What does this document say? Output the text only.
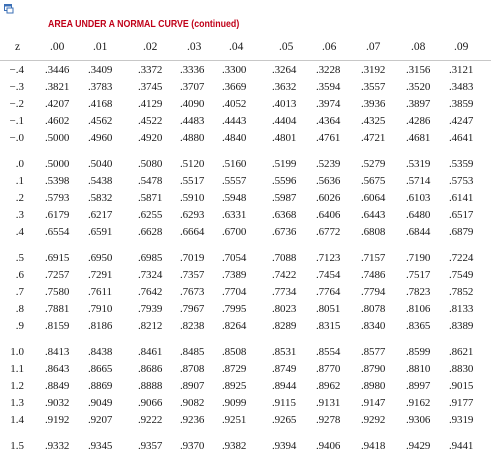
AREA UNDER A NORMAL CURVE (continued)
z	.00 .01	.02	.03 .04	.05 .06	.07	.08 .09
−.4 .3446 .3409 .3372 .3336 .3300 .3264 .3228 .3192 .3156 .3121
−.3 .3821 .3783 .3745 .3707 .3669 .3632 .3594 .3557 .3520 .3483
−.2 .4207 .4168 .4129 .4090 .4052 .4013 .3974 .3936 .3897 .3859
−.1 .4602 .4562 .4522 .4483 .4443 .4404 .4364 .4325 .4286 .4247
−.0 .5000 .4960 .4920 .4880 .4840 .4801 .4761 .4721 .4681 .4641
.0 .5000 .5040 .5080 .5120 .5160 .5199 .5239 .5279 .5319 .5359
.1 .5398 .5438 .5478 .5517 .5557 .5596 .5636 .5675 .5714 .5753
.2 .5793 .5832 .5871 .5910 .5948 .5987 .6026 .6064 .6103 .6141
.3 .6179 .6217 .6255 .6293 .6331 .6368 .6406 .6443 .6480 .6517
.4 .6554 .6591 .6628 .6664 .6700 .6736 .6772 .6808 .6844 .6879
.5 .6915 .6950 .6985 .7019 .7054 .7088 .7123 .7157 .7190 .7224
.6 .7257 .7291 .7324 .7357 .7389 .7422 .7454 .7486 .7517 .7549
.7 .7580 .7611 .7642 .7673 .7704 .7734 .7764 .7794 .7823 .7852
.8 .7881 .7910 .7939 .7967 .7995 .8023 .8051 .8078 .8106 .8133
.9 .8159 .8186 .8212 .8238 .8264 .8289 .8315 .8340 .8365 .8389
1.0 .8413 .8438 .8461 .8485 .8508 .8531 .8554 .8577 .8599 .8621
1.1 .8643 .8665 .8686 .8708 .8729 .8749 .8770 .8790 .8810 .8830
1.2 .8849 .8869 .8888 .8907 .8925 .8944 .8962 .8980 .8997 .9015
1.3 .9032 .9049 .9066 .9082 .9099 .9115 .9131 .9147 .9162 .9177
1.4 .9192 .9207 .9222 .9236 .9251 .9265 .9278 .9292 .9306 .9319
1.5 .9332 .9345 .9357 .9370 .9382 .9394 .9406 .9418 .9429 .9441
